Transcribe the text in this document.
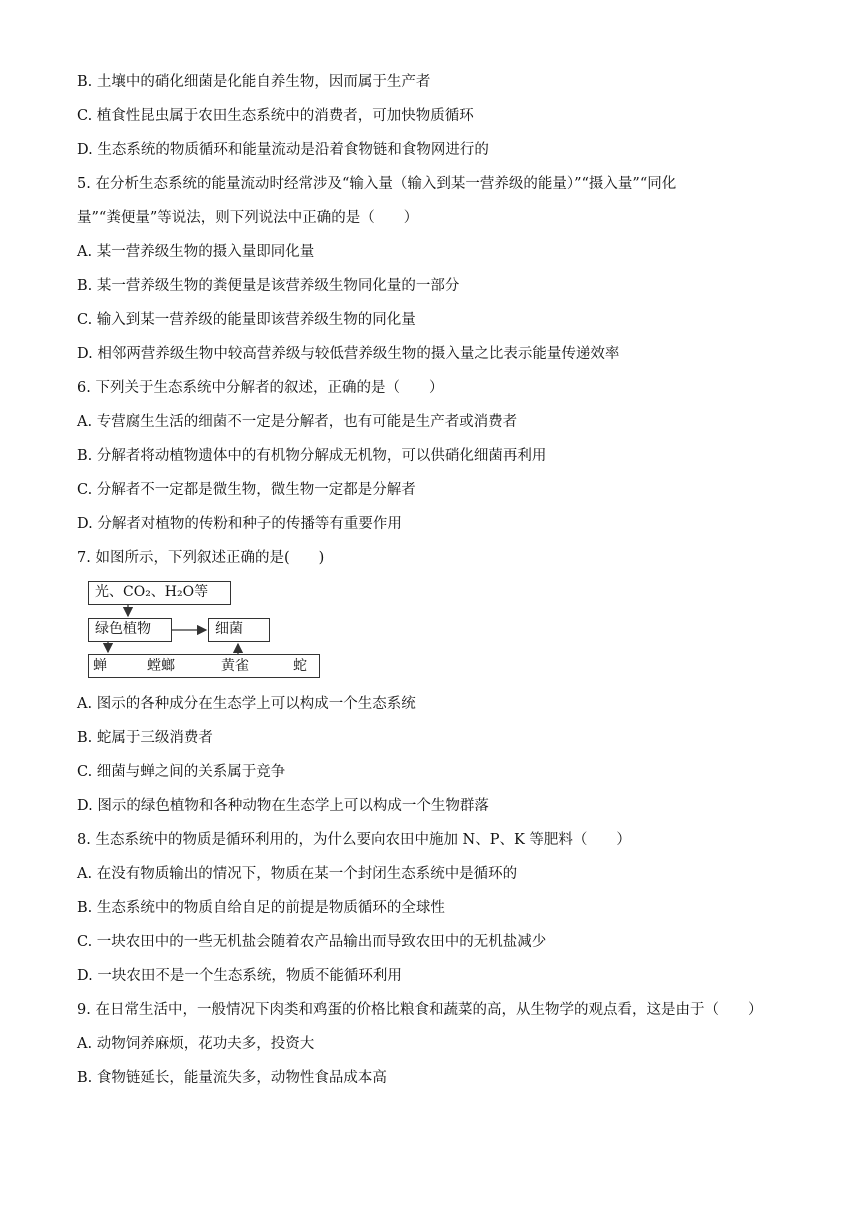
B. 土壤中的硝化细菌是化能自养生物，因而属于生产者
C. 植食性昆虫属于农田生态系统中的消费者，可加快物质循环
D. 生态系统的物质循环和能量流动是沿着食物链和食物网进行的
5. 在分析生态系统的能量流动时经常涉及“输入量（输入到某一营养级的能量）”“摄入量”“同化
量”“粪便量”等说法，则下列说法中正确的是（　　）
A. 某一营养级生物的摄入量即同化量
B. 某一营养级生物的粪便量是该营养级生物同化量的一部分
C. 输入到某一营养级的能量即该营养级生物的同化量
D. 相邻两营养级生物中较高营养级与较低营养级生物的摄入量之比表示能量传递效率
6. 下列关于生态系统中分解者的叙述，正确的是（　　）
A. 专营腐生生活的细菌不一定是分解者，也有可能是生产者或消费者
B. 分解者将动植物遗体中的有机物分解成无机物，可以供硝化细菌再利用
C. 分解者不一定都是微生物，微生物一定都是分解者
D. 分解者对植物的传粉和种子的传播等有重要作用
7. 如图所示，下列叙述正确的是(　　)
A. 图示的各种成分在生态学上可以构成一个生态系统
B. 蛇属于三级消费者
C. 细菌与蝉之间的关系属于竞争
D. 图示的绿色植物和各种动物在生态学上可以构成一个生物群落
8. 生态系统中的物质是循环利用的，为什么要向农田中施加 N、P、K 等肥料（　　）
A. 在没有物质输出的情况下，物质在某一个封闭生态系统中是循环的
B. 生态系统中的物质自给自足的前提是物质循环的全球性
C. 一块农田中的一些无机盐会随着农产品输出而导致农田中的无机盐减少
D. 一块农田不是一个生态系统，物质不能循环利用
9. 在日常生活中，一般情况下肉类和鸡蛋的价格比粮食和蔬菜的高，从生物学的观点看，这是由于（　　）
A. 动物饲养麻烦，花功夫多，投资大
B. 食物链延长，能量流失多，动物性食品成本高
光、CO₂、H₂O等
绿色植物	细菌
蝉	螳螂	黄雀	蛇
